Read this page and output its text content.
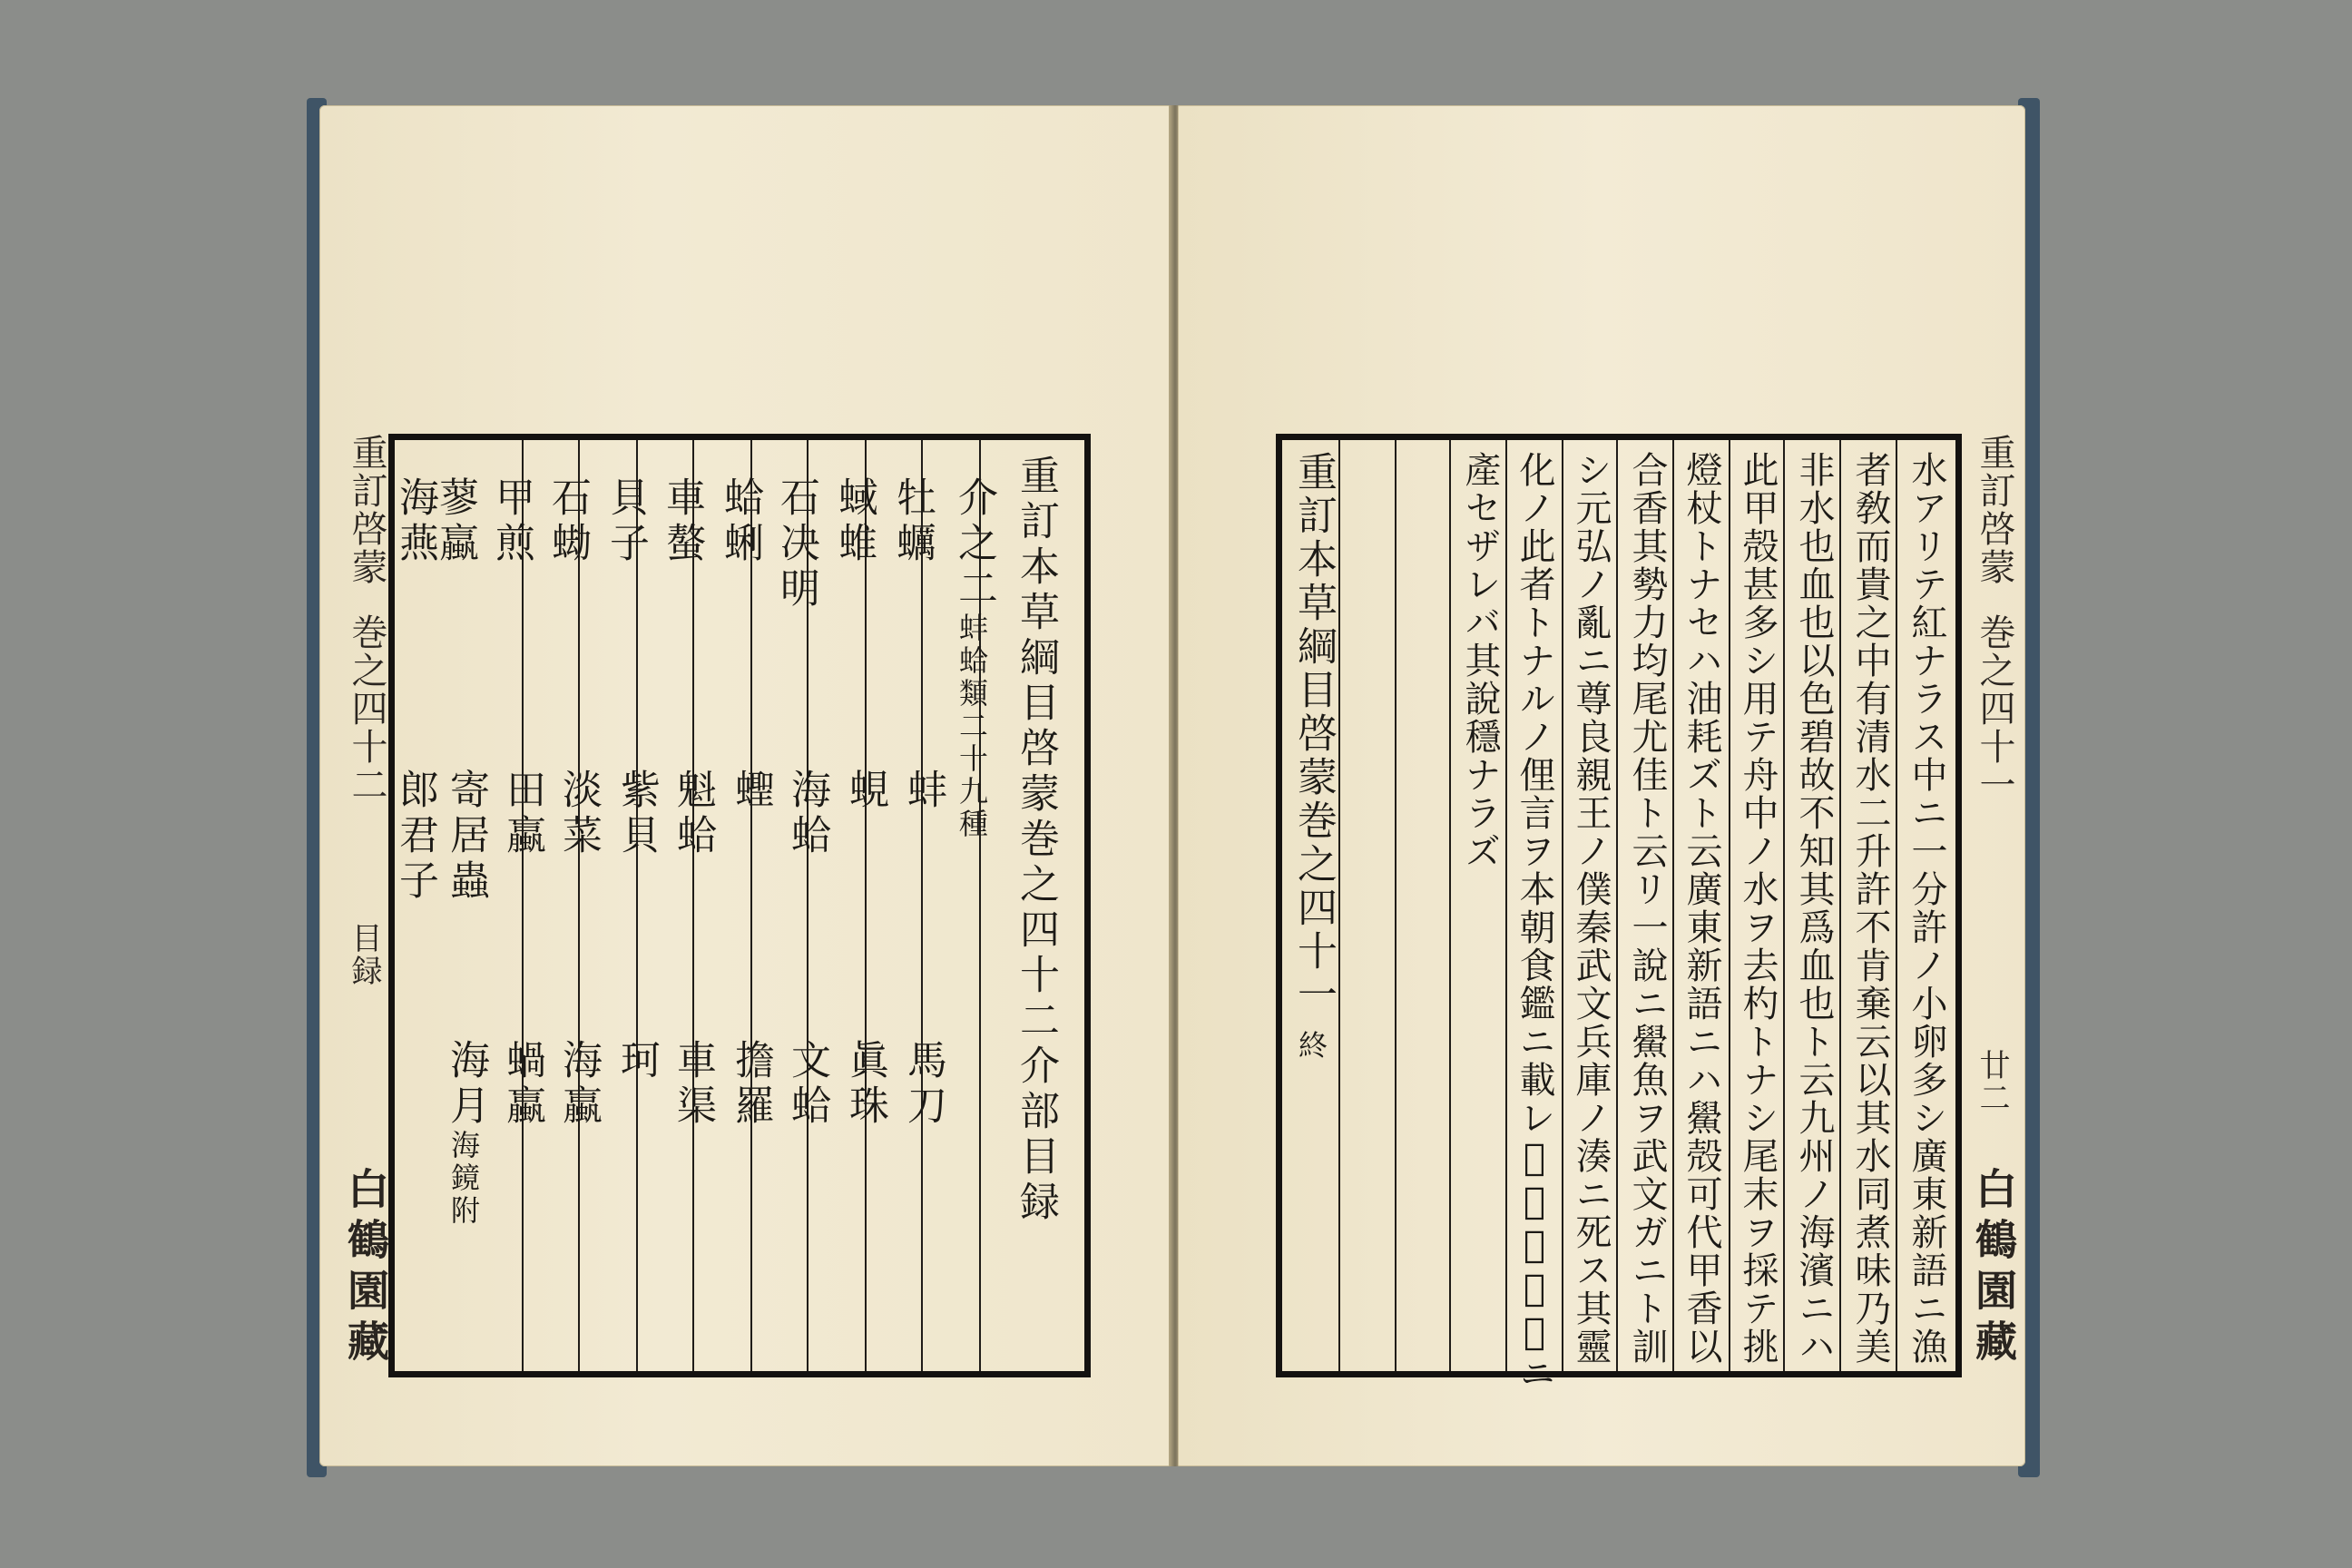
重訂啓蒙
巻之四十二
目録
白鶴園藏
重訂本草綱目啓蒙巻之四十二介部目録
介之二
蚌蛤類二十九種
牡蠣
蚌
馬刀
蜮蜼
蜆
眞珠
石决明
海蛤
文蛤
蛤蜊
蟶
擔羅
車螯
魁蛤
車渠
貝子
紫貝
珂
石蜐
淡菜
海蠃
甲煎
田蠃
蝸蠃
蓼蠃
寄居蟲
海月
海鏡附
海燕
郎君子
重訂啓蒙
巻之四十一
廿二
白鶴園藏
水アリテ紅ナラス中ニ一分許ノ小卵多シ廣東新語ニ漁
者敎而貴之中有清水二升許不肯棄云以其水同煮味乃美
非水也血也以色碧故不知其爲血也ト云九州ノ海濱ニハ
此甲殻甚多シ用テ舟中ノ水ヲ去杓トナシ尾末ヲ採テ挑
燈杖トナセハ油耗ズト云廣東新語ニハ鱟殻可代甲香以
合香其勢力均尾尤佳ト云リ一說ニ鱟魚ヲ武文ガニト訓
シ元弘ノ亂ニ尊良親王ノ僕秦武文兵庫ノ湊ニ死ス其靈
化ノ此者トナルノ俚言ヲ本朝食鑑ニ載レ𪜈此品攝州ニ
產セザレバ其說穩ナラズ
重訂本草綱目啓蒙巻之四十一
終
